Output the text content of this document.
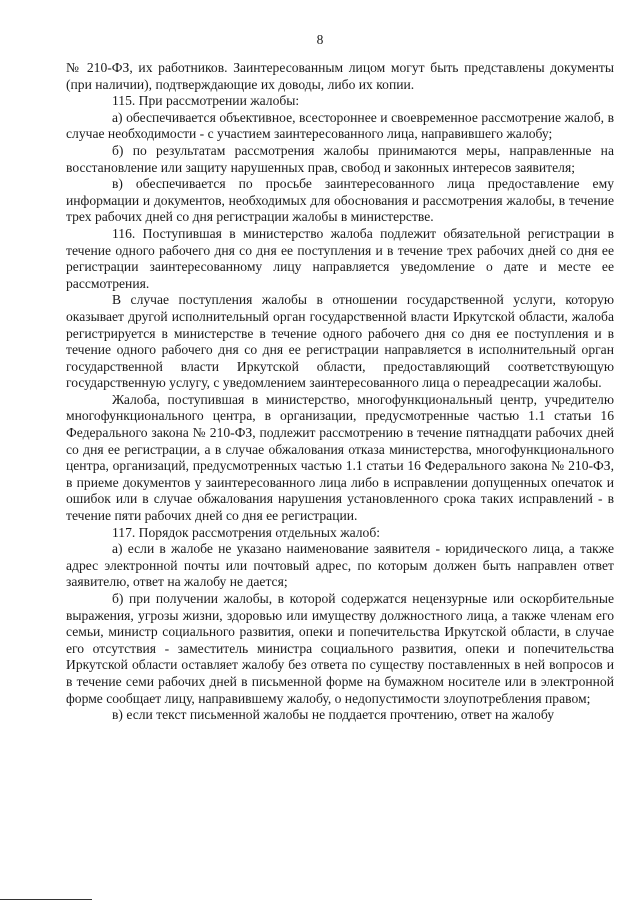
8

№ 210-ФЗ, их работников. Заинтересованным лицом могут быть представлены документы (при наличии), подтверждающие их доводы, либо их копии.

115. При рассмотрении жалобы:

а) обеспечивается объективное, всестороннее и своевременное рассмотрение жалоб, в случае необходимости - с участием заинтересованного лица, направившего жалобу;

б) по результатам рассмотрения жалобы принимаются меры, направленные на восстановление или защиту нарушенных прав, свобод и законных интересов заявителя;

в) обеспечивается по просьбе заинтересованного лица предоставление ему информации и документов, необходимых для обоснования и рассмотрения жалобы, в течение трех рабочих дней со дня регистрации жалобы в министерстве.

116. Поступившая в министерство жалоба подлежит обязательной регистрации в течение одного рабочего дня со дня ее поступления и в течение трех рабочих дней со дня ее регистрации заинтересованному лицу направляется уведомление о дате и месте ее рассмотрения.

В случае поступления жалобы в отношении государственной услуги, которую оказывает другой исполнительный орган государственной власти Иркутской области, жалоба регистрируется в министерстве в течение одного рабочего дня со дня ее поступления и в течение одного рабочего дня со дня ее регистрации направляется в исполнительный орган государственной власти Иркутской области, предоставляющий соответствующую государственную услугу, с уведомлением заинтересованного лица о переадресации жалобы.

Жалоба, поступившая в министерство, многофункциональный центр, учредителю многофункционального центра, в организации, предусмотренные частью 1.1 статьи 16 Федерального закона № 210-ФЗ, подлежит рассмотрению в течение пятнадцати рабочих дней со дня ее регистрации, а в случае обжалования отказа министерства, многофункционального центра, организаций, предусмотренных частью 1.1 статьи 16 Федерального закона № 210-ФЗ, в приеме документов у заинтересованного лица либо в исправлении допущенных опечаток и ошибок или в случае обжалования нарушения установленного срока таких исправлений - в течение пяти рабочих дней со дня ее регистрации.

117. Порядок рассмотрения отдельных жалоб:

а) если в жалобе не указано наименование заявителя - юридического лица, а также адрес электронной почты или почтовый адрес, по которым должен быть направлен ответ заявителю, ответ на жалобу не дается;

б) при получении жалобы, в которой содержатся нецензурные или оскорбительные выражения, угрозы жизни, здоровью или имуществу должностного лица, а также членам его семьи, министр социального развития, опеки и попечительства Иркутской области, в случае его отсутствия - заместитель министра социального развития, опеки и попечительства Иркутской области оставляет жалобу без ответа по существу поставленных в ней вопросов и в течение семи рабочих дней в письменной форме на бумажном носителе или в электронной форме сообщает лицу, направившему жалобу, о недопустимости злоупотребления правом;

в) если текст письменной жалобы не поддается прочтению, ответ на жалобу
